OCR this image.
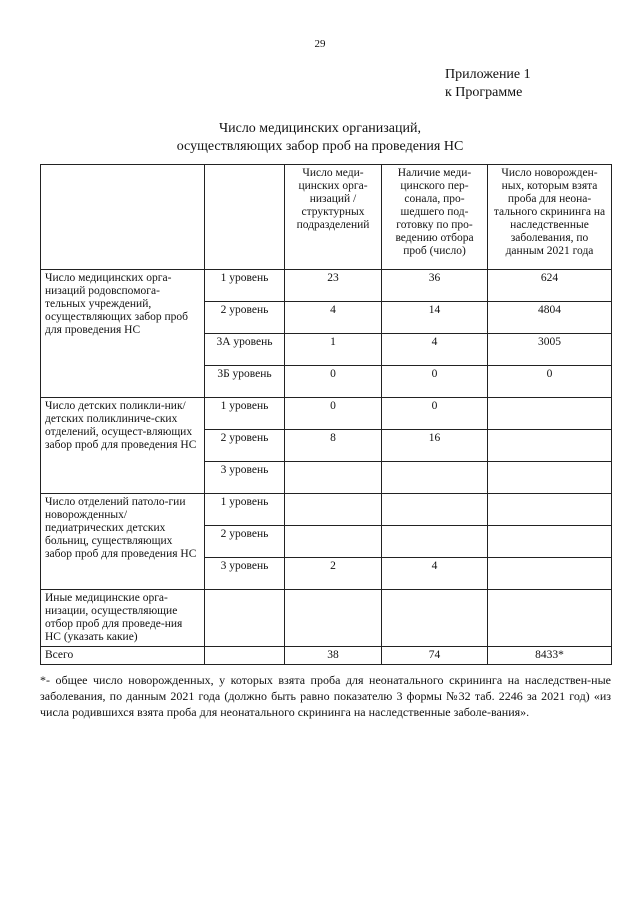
29
Приложение 1
к Программе
Число медицинских организаций,
осуществляющих забор проб на проведения НС
		Число меди-цинских орга-низаций /структурных подразделений	Наличие меди-цинского пер-сонала, про-шедшего под-готовку по про-ведению отбора проб (число)	Число новорожден-ных, которым взята проба для неона-тального скрининга на наследственные заболевания, по данным 2021 года
Число медицинских орга-низаций родовспомога-тельных учреждений, осуществляющих забор проб для проведения НС	1 уровень	23	36	624
	2 уровень	4	14	4804
	3А уровень	1	4	3005
	3Б уровень	0	0	0
Число детских поликли-ник/детских поликлиниче-ских отделений, осущест-вляющих забор проб для проведения НС	1 уровень	0	0	
	2 уровень	8	16	
	3 уровень			
Число отделений патоло-гии новорожденных/ педиатрических детских больниц, существляющих забор проб для проведения НС	1 уровень			
	2 уровень			
	3 уровень	2	4	
Иные медицинские орга-низации, осуществляющие отбор проб для проведе-ния НС (указать какие)				
Всего		38	74	8433*
*- общее число новорожденных, у которых взята проба для неонатального скрининга на наследствен-ные заболевания, по данным 2021 года (должно быть равно показателю 3 формы №32 таб. 2246 за 2021 год) «из числа родившихся взята проба для неонатального скрининга на наследственные заболе-вания».
